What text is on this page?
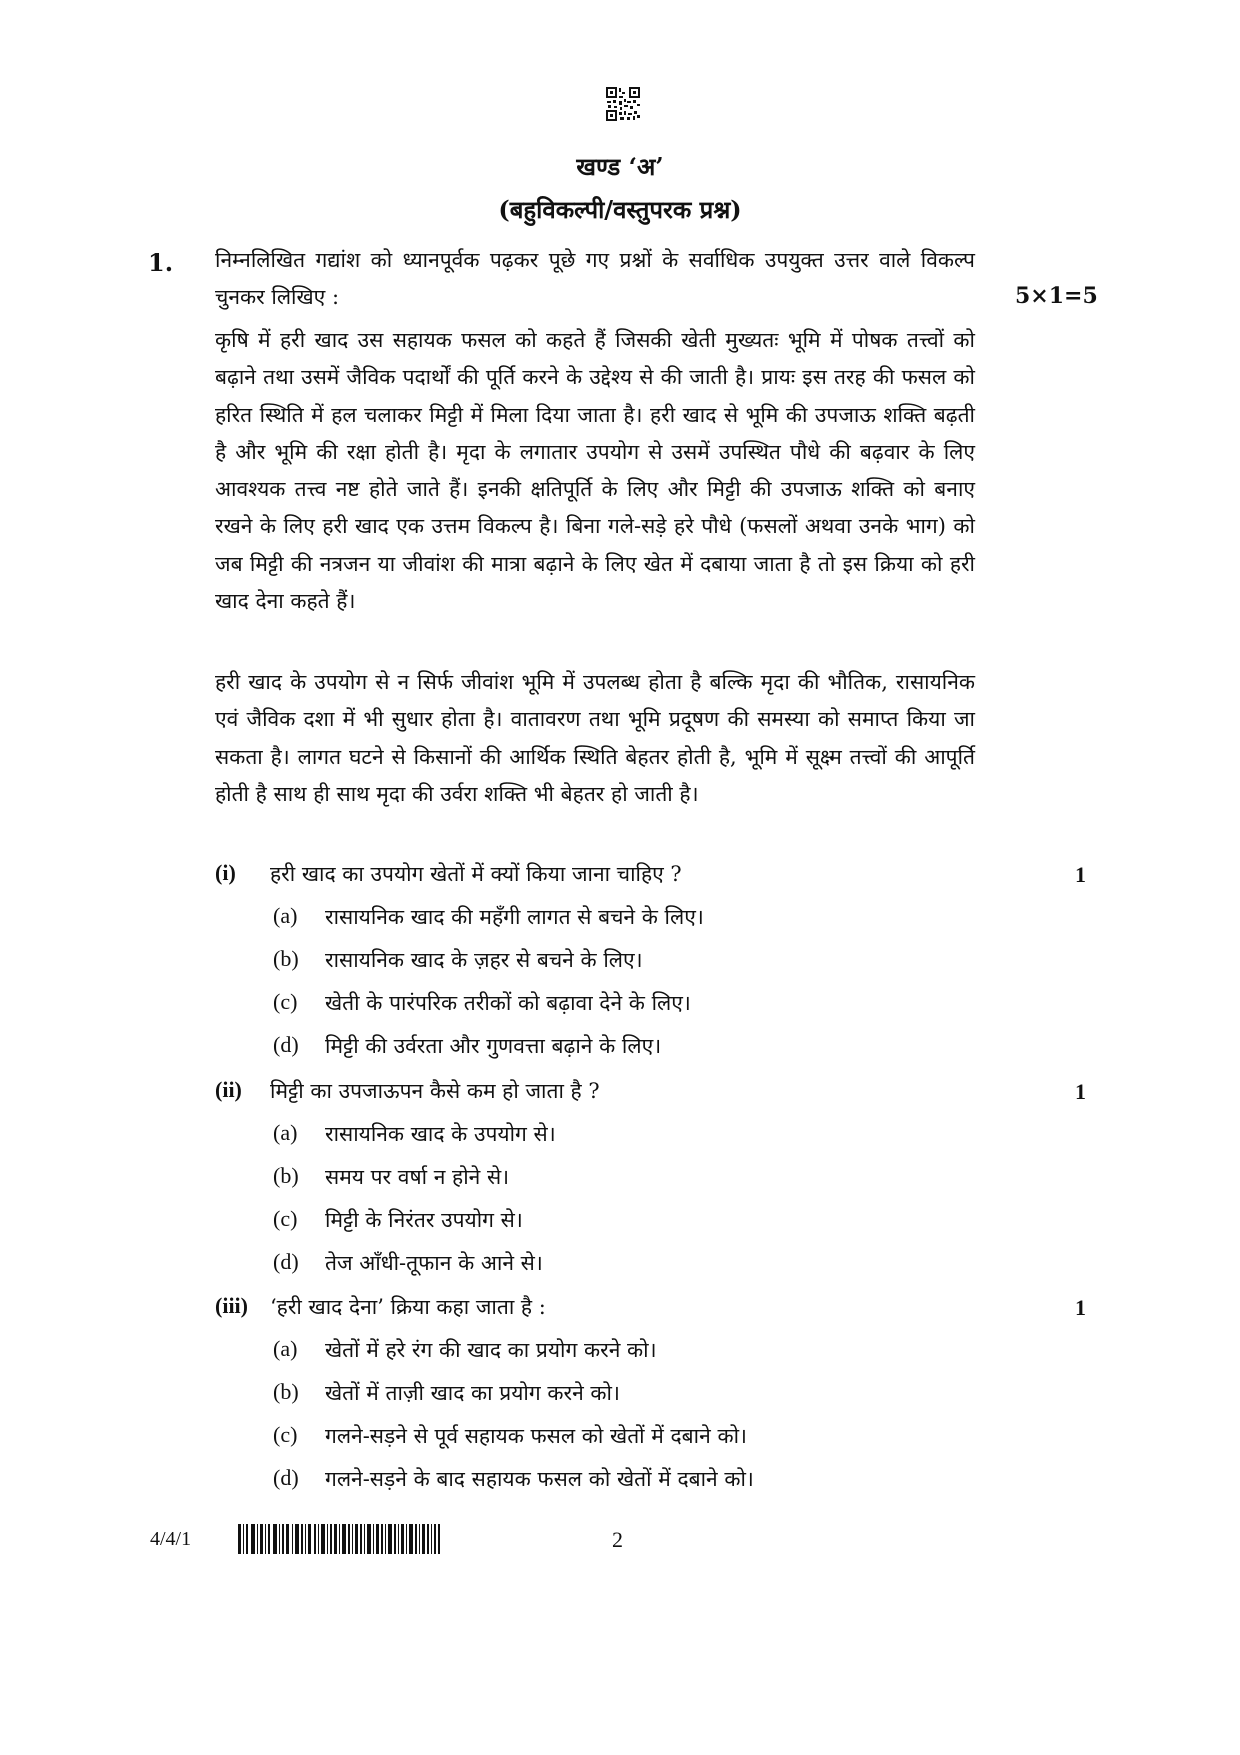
खण्ड ‘अ’
(बहुविकल्पी/वस्तुपरक प्रश्न)
1. निम्नलिखित गद्यांश को ध्यानपूर्वक पढ़कर पूछे गए प्रश्नों के सर्वाधिक उपयुक्त उत्तर वाले विकल्प चुनकर लिखिए :	5×1=5

कृषि में हरी खाद उस सहायक फसल को कहते हैं जिसकी खेती मुख्यतः भूमि में पोषक तत्त्वों को बढ़ाने तथा उसमें जैविक पदार्थों की पूर्ति करने के उद्देश्य से की जाती है। प्रायः इस तरह की फसल को हरित स्थिति में हल चलाकर मिट्टी में मिला दिया जाता है। हरी खाद से भूमि की उपजाऊ शक्ति बढ़ती है और भूमि की रक्षा होती है। मृदा के लगातार उपयोग से उसमें उपस्थित पौधे की बढ़वार के लिए आवश्यक तत्त्व नष्ट होते जाते हैं। इनकी क्षतिपूर्ति के लिए और मिट्टी की उपजाऊ शक्ति को बनाए रखने के लिए हरी खाद एक उत्तम विकल्प है। बिना गले-सड़े हरे पौधे (फसलों अथवा उनके भाग) को जब मिट्टी की नत्रजन या जीवांश की मात्रा बढ़ाने के लिए खेत में दबाया जाता है तो इस क्रिया को हरी खाद देना कहते हैं।

हरी खाद के उपयोग से न सिर्फ जीवांश भूमि में उपलब्ध होता है बल्कि मृदा की भौतिक, रासायनिक एवं जैविक दशा में भी सुधार होता है। वातावरण तथा भूमि प्रदूषण की समस्या को समाप्त किया जा सकता है। लागत घटने से किसानों की आर्थिक स्थिति बेहतर होती है, भूमि में सूक्ष्म तत्त्वों की आपूर्ति होती है साथ ही साथ मृदा की उर्वरा शक्ति भी बेहतर हो जाती है।

(i) हरी खाद का उपयोग खेतों में क्यों किया जाना चाहिए ?	1
(a) रासायनिक खाद की महँगी लागत से बचने के लिए।
(b) रासायनिक खाद के ज़हर से बचने के लिए।
(c) खेती के पारंपरिक तरीकों को बढ़ावा देने के लिए।
(d) मिट्टी की उर्वरता और गुणवत्ता बढ़ाने के लिए।
(ii) मिट्टी का उपजाऊपन कैसे कम हो जाता है ?	1
(a) रासायनिक खाद के उपयोग से।
(b) समय पर वर्षा न होने से।
(c) मिट्टी के निरंतर उपयोग से।
(d) तेज आँधी-तूफान के आने से।
(iii) ‘हरी खाद देना’ क्रिया कहा जाता है :	1
(a) खेतों में हरे रंग की खाद का प्रयोग करने को।
(b) खेतों में ताज़ी खाद का प्रयोग करने को।
(c) गलने-सड़ने से पूर्व सहायक फसल को खेतों में दबाने को।
(d) गलने-सड़ने के बाद सहायक फसल को खेतों में दबाने को।
4/4/1	2
